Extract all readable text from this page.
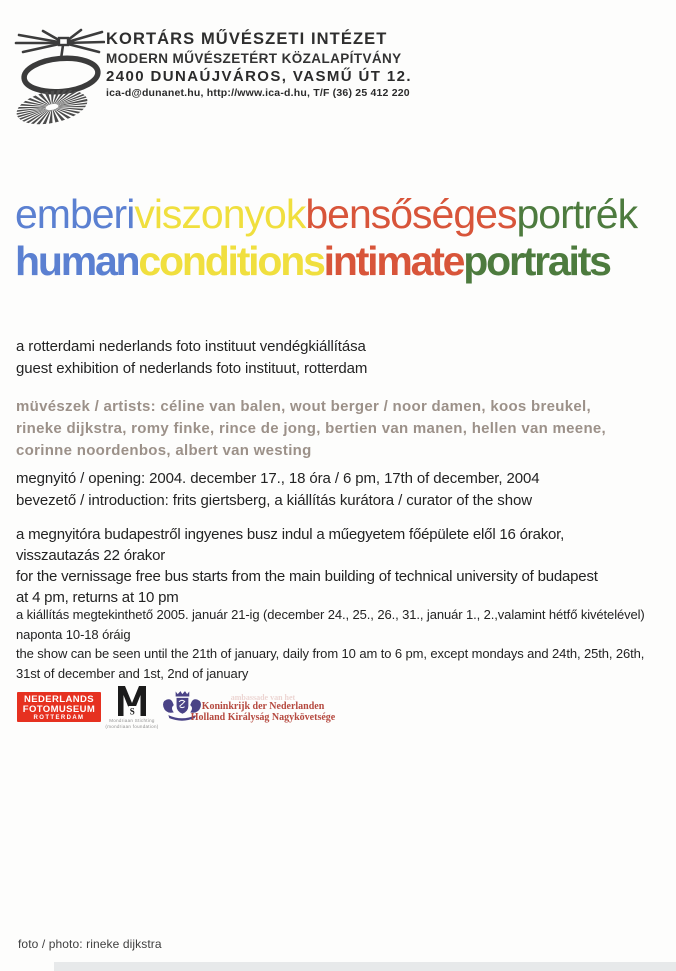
KORTÁRS MŰVÉSZETI INTÉZET
MODERN MŰVÉSZETÉRT KÖZALAPÍTVÁNY
2400 DUNAÚJVÁROS, VASMŰ ÚT 12.
ica-d@dunanet.hu, http://www.ica-d.hu, T/F (36) 25 412 220
emberiviszonyokbensőségesportrék
humanconditionsintimateportraits
a rotterdami nederlands foto instituut vendégkiállítása
guest exhibition of nederlands foto instituut, rotterdam
müvészek / artists: céline van balen, wout berger / noor damen, koos breukel,
rineke dijkstra, romy finke, rince de jong, bertien van manen, hellen van meene,
corinne noordenbos, albert van westing
megnyitó / opening: 2004. december 17., 18 óra / 6 pm, 17th of december, 2004
bevezető / introduction: frits giertsberg, a kiállítás kurátora / curator of the show
a megnyitóra budapestről ingyenes busz indul a műegyetem főépülete elől 16 órakor,
visszautazás 22 órakor
for the vernissage free bus starts from the main building of technical university of budapest
at 4 pm, returns at 10 pm
a kiállítás megtekinthető 2005. január 21-ig (december 24., 25., 26., 31., január 1., 2.,valamint hétfő kivételével)
naponta 10-18 óráig
the show can be seen until the 21th of january, daily from 10 am to 6 pm, except mondays and 24th, 25th, 26th,
31st of december and 1st, 2nd of january
NEDERLANDS
FOTOMUSEUM
ROTTERDAM
S
Mondriaan Stichting
(mondriaan foundation)
ambassade van het
Koninkrijk der Nederlanden
Holland Királyság Nagykövetsége
foto / photo: rineke dijkstra
